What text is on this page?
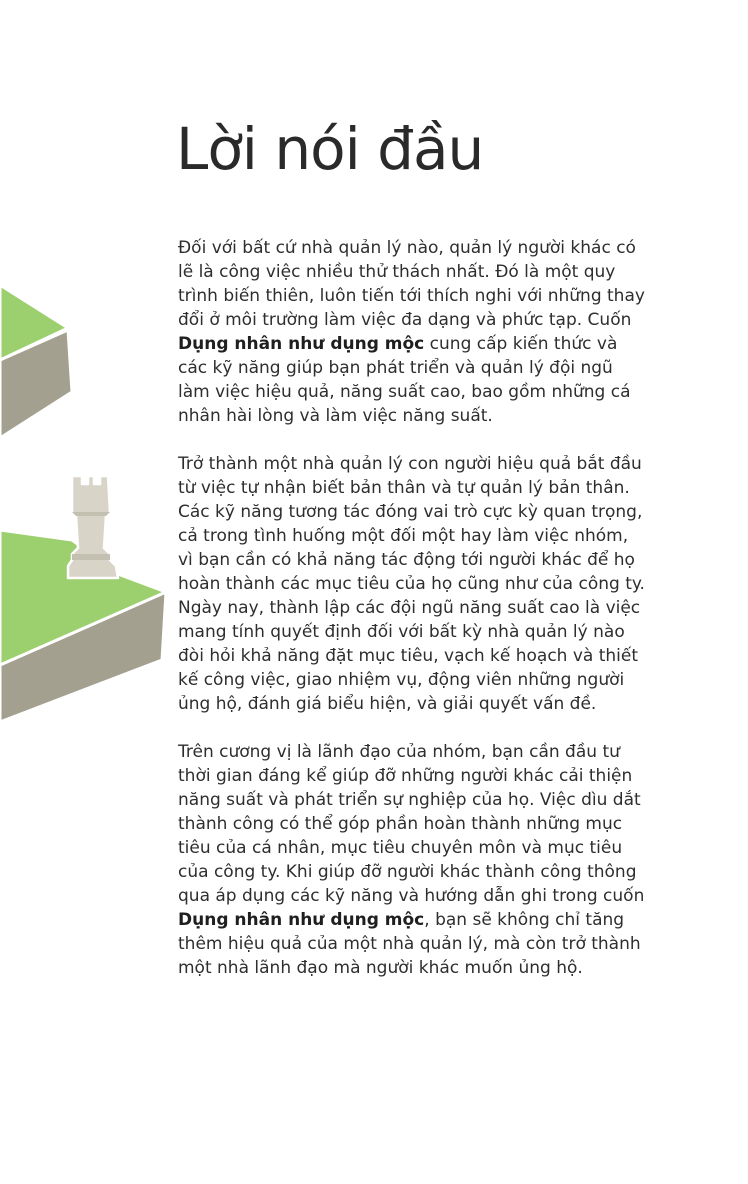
Lời nói đầu

Đối với bất cứ nhà quản lý nào, quản lý người khác có lẽ là công việc nhiều thử thách nhất. Đó là một quy trình biến thiên, luôn tiến tới thích nghi với những thay đổi ở môi trường làm việc đa dạng và phức tạp. Cuốn Dụng nhân như dụng mộc cung cấp kiến thức và các kỹ năng giúp bạn phát triển và quản lý đội ngũ làm việc hiệu quả, năng suất cao, bao gồm những cá nhân hài lòng và làm việc năng suất.

Trở thành một nhà quản lý con người hiệu quả bắt đầu từ việc tự nhận biết bản thân và tự quản lý bản thân. Các kỹ năng tương tác đóng vai trò cực kỳ quan trọng, cả trong tình huống một đối một hay làm việc nhóm, vì bạn cần có khả năng tác động tới người khác để họ hoàn thành các mục tiêu của họ cũng như của công ty. Ngày nay, thành lập các đội ngũ năng suất cao là việc mang tính quyết định đối với bất kỳ nhà quản lý nào đòi hỏi khả năng đặt mục tiêu, vạch kế hoạch và thiết kế công việc, giao nhiệm vụ, động viên những người ủng hộ, đánh giá biểu hiện, và giải quyết vấn đề.

Trên cương vị là lãnh đạo của nhóm, bạn cần đầu tư thời gian đáng kể giúp đỡ những người khác cải thiện năng suất và phát triển sự nghiệp của họ. Việc dìu dắt thành công có thể góp phần hoàn thành những mục tiêu của cá nhân, mục tiêu chuyên môn và mục tiêu của công ty. Khi giúp đỡ người khác thành công thông qua áp dụng các kỹ năng và hướng dẫn ghi trong cuốn Dụng nhân như dụng mộc, bạn sẽ không chỉ tăng thêm hiệu quả của một nhà quản lý, mà còn trở thành một nhà lãnh đạo mà người khác muốn ủng hộ.
